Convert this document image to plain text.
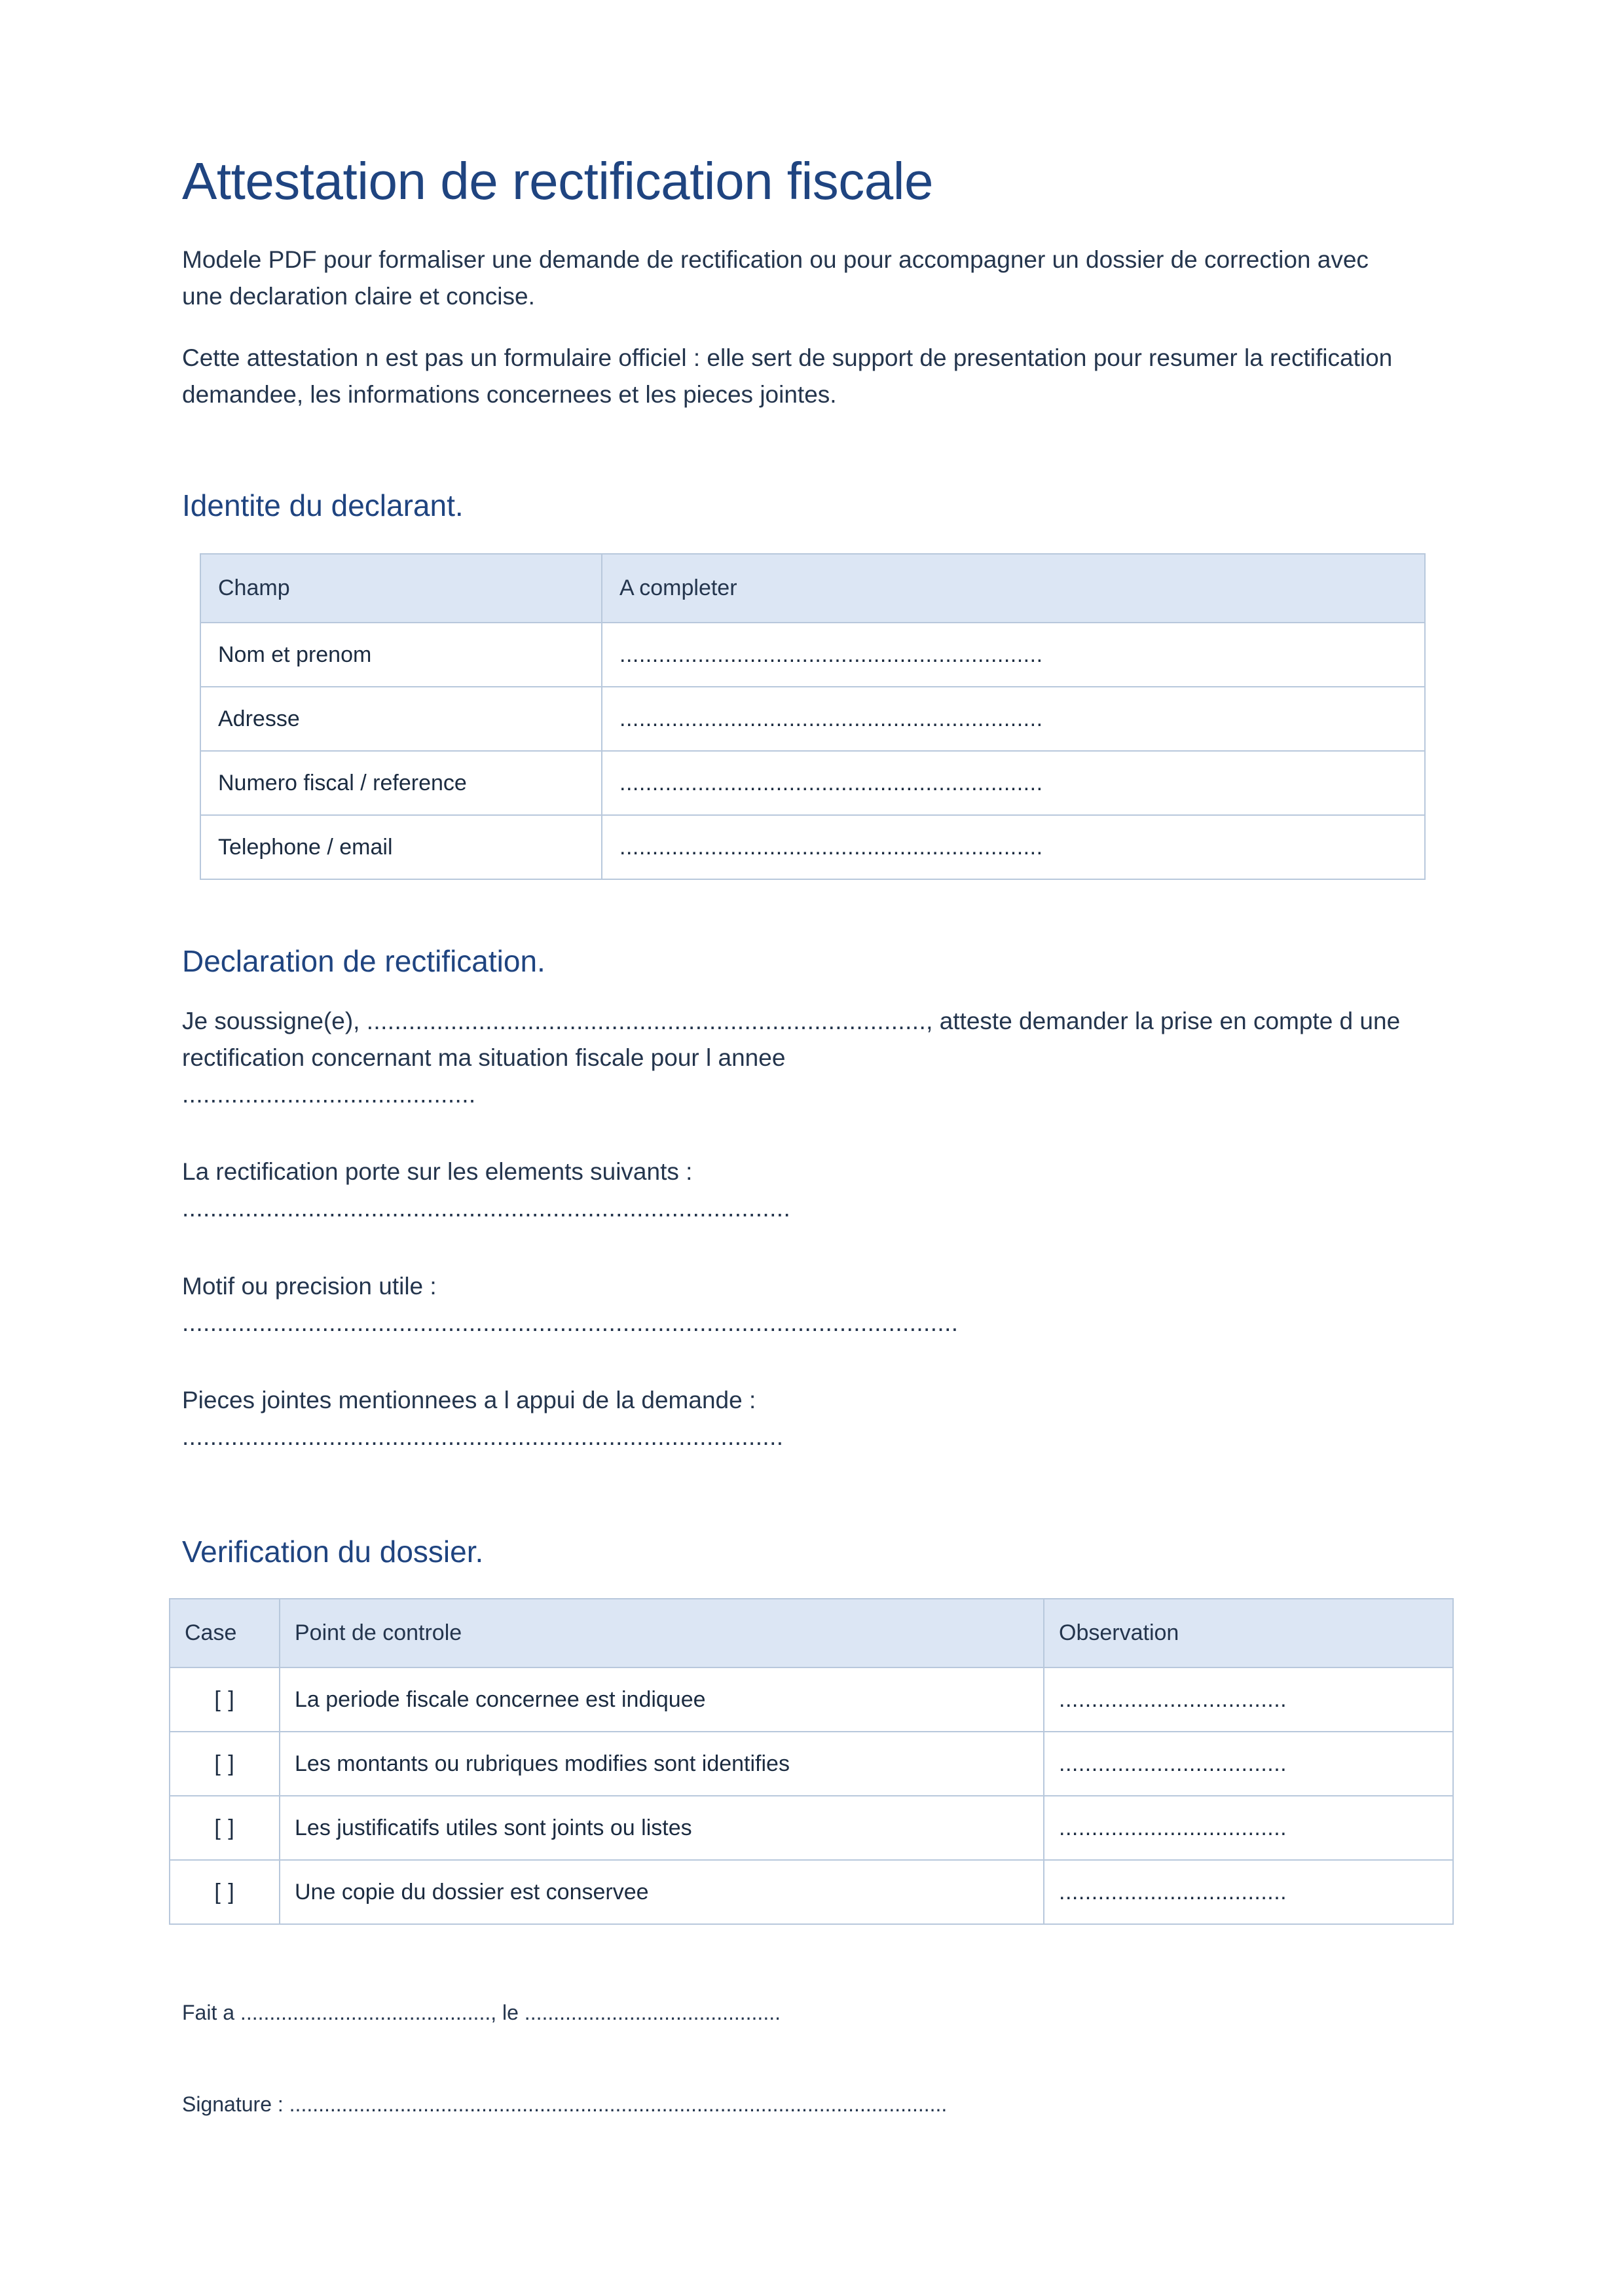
Attestation de rectification fiscale

Modele PDF pour formaliser une demande de rectification ou pour accompagner un dossier de correction avec une declaration claire et concise.

Cette attestation n est pas un formulaire officiel : elle sert de support de presentation pour resumer la rectification demandee, les informations concernees et les pieces jointes.

Identite du declarant.
Champ	A completer
Nom et prenom	.................................................................
Adresse	.................................................................
Numero fiscal / reference	.................................................................
Telephone / email	.................................................................
Declaration de rectification.

Je soussigne(e), ................................................................................, atteste demander la prise en compte d une rectification concernant ma situation fiscale pour l annee
..........................................

La rectification porte sur les elements suivants :
.......................................................................................

Motif ou precision utile :
...............................................................................................................

Pieces jointes mentionnees a l appui de la demande :
......................................................................................

Verification du dossier.
Case	Point de controle	Observation
[ ]	La periode fiscale concernee est indiquee	...................................
[ ]	Les montants ou rubriques modifies sont identifies	...................................
[ ]	Les justificatifs utiles sont joints ou listes	...................................
[ ]	Une copie du dossier est conservee	...................................

Fait a ..........................................., le ............................................

Signature : .................................................................................................................
